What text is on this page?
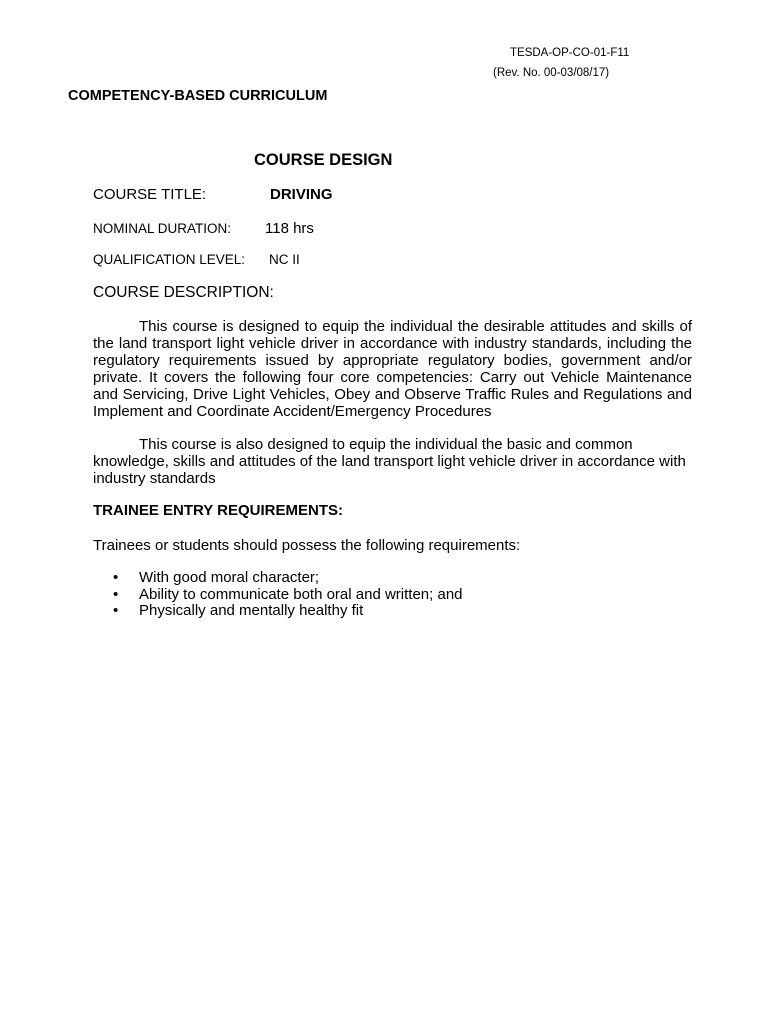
TESDA-OP-CO-01-F11
(Rev. No. 00-03/08/17)
COMPETENCY-BASED CURRICULUM
COURSE DESIGN
COURSE TITLE:	DRIVING
NOMINAL DURATION: 118 hrs
QUALIFICATION LEVEL: NC II
COURSE DESCRIPTION:
This course is designed to equip the individual the desirable attitudes and skills of the land transport light vehicle driver in accordance with industry standards, including the regulatory requirements issued by appropriate regulatory bodies, government and/or private. It covers the following four core competencies: Carry out Vehicle Maintenance and Servicing, Drive Light Vehicles, Obey and Observe Traffic Rules and Regulations and Implement and Coordinate Accident/Emergency Procedures
This course is also designed to equip the individual the basic and common knowledge, skills and attitudes of the land transport light vehicle driver in accordance with industry standards
TRAINEE ENTRY REQUIREMENTS:
Trainees or students should possess the following requirements:
• With good moral character;
• Ability to communicate both oral and written; and
• Physically and mentally healthy fit
